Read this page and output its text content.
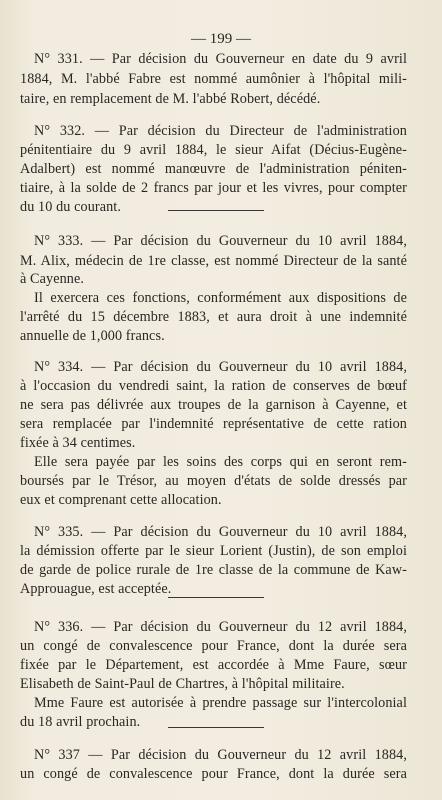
— 199 —
N° 331. — Par décision du Gouverneur en date du 9 avril
1884, M. l'abbé Fabre est nommé aumônier à l'hôpital mili-
taire, en remplacement de M. l'abbé Robert, décédé.
N° 332. — Par décision du Directeur de l'administration
pénitentiaire du 9 avril 1884, le sieur Aifat (Décius-Eugène-
Adalbert) est nommé manœuvre de l'administration péniten-
tiaire, à la solde de 2 francs par jour et les vivres, pour compter
du 10 du courant.
N° 333. — Par décision du Gouverneur du 10 avril 1884,
M. Alix, médecin de 1re classe, est nommé Directeur de la santé
à Cayenne.
Il exercera ces fonctions, conformément aux dispositions de
l'arrêté du 15 décembre 1883, et aura droit à une indemnité
annuelle de 1,000 francs.
N° 334. — Par décision du Gouverneur du 10 avril 1884,
à l'occasion du vendredi saint, la ration de conserves de bœuf
ne sera pas délivrée aux troupes de la garnison à Cayenne, et
sera remplacée par l'indemnité représentative de cette ration
fixée à 34 centimes.
Elle sera payée par les soins des corps qui en seront rem-
boursés par le Trésor, au moyen d'états de solde dressés par
eux et comprenant cette allocation.
N° 335. — Par décision du Gouverneur du 10 avril 1884,
la démission offerte par le sieur Lorient (Justin), de son emploi
de garde de police rurale de 1re classe de la commune de Kaw-
Approuague, est acceptée.
N° 336. — Par décision du Gouverneur du 12 avril 1884,
un congé de convalescence pour France, dont la durée sera
fixée par le Département, est accordée à Mme Faure, sœur
Elisabeth de Saint-Paul de Chartres, à l'hôpital militaire.
Mme Faure est autorisée à prendre passage sur l'intercolonial
du 18 avril prochain.
N° 337 — Par décision du Gouverneur du 12 avril 1884,
un congé de convalescence pour France, dont la durée sera
